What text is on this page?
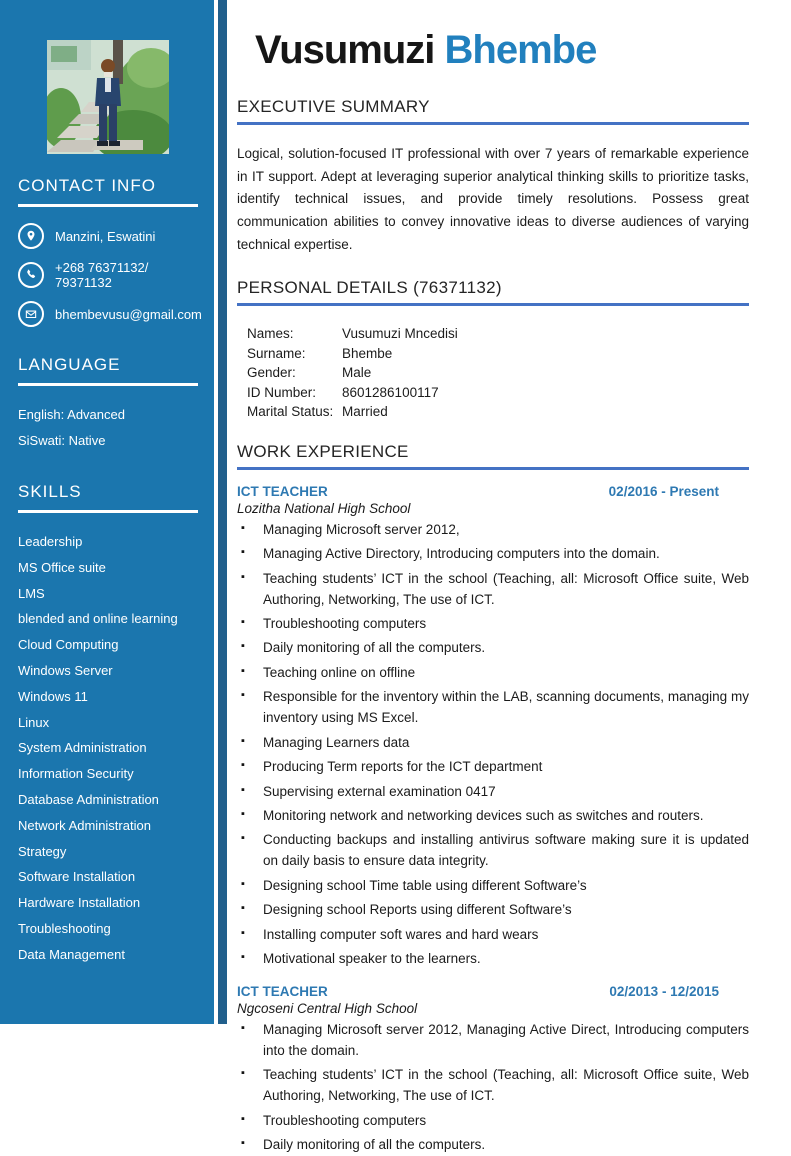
CONTACT INFO
Manzini, Eswatini
+268 76371132/ 79371132
bhembevusu@gmail.com
LANGUAGE
English: Advanced
SiSwati: Native
SKILLS
Leadership
MS Office suite
LMS
blended and online learning
Cloud Computing
Windows Server
Windows 11
Linux
System Administration
Information Security
Database Administration
Network Administration
Strategy
Software Installation
Hardware Installation
Troubleshooting
Data Management
Vusumuzi Bhembe
EXECUTIVE SUMMARY

Logical, solution-focused IT professional with over 7 years of remarkable experience in IT support. Adept at leveraging superior analytical thinking skills to prioritize tasks, identify technical issues, and provide timely resolutions. Possess great communication abilities to convey innovative ideas to diverse audiences of varying technical expertise.

PERSONAL DETAILS (76371132)
Names:	Vusumuzi Mncedisi
Surname:	Bhembe
Gender:	Male
ID Number:	8601286100117
Marital Status: Married
WORK EXPERIENCE
ICT TEACHER	02/2016 - Present
Lozitha National High School
▪ Managing Microsoft server 2012,
▪ Managing Active Directory, Introducing computers into the domain.
▪ Teaching students’ ICT in the school (Teaching, all: Microsoft Office suite, Web Authoring, Networking, The use of ICT.
▪ Troubleshooting computers
▪ Daily monitoring of all the computers.
▪ Teaching online on offline
▪ Responsible for the inventory within the LAB, scanning documents, managing my inventory using MS Excel.
▪ Managing Learners data
▪ Producing Term reports for the ICT department
▪ Supervising external examination 0417
▪ Monitoring network and networking devices such as switches and routers.
▪ Conducting backups and installing antivirus software making sure it is updated on daily basis to ensure data integrity.
▪ Designing school Time table using different Software’s
▪ Designing school Reports using different Software’s
▪ Installing computer soft wares and hard wears
▪ Motivational speaker to the learners.
ICT TEACHER	02/2013 - 12/2015
Ngcoseni Central High School
▪ Managing Microsoft server 2012, Managing Active Direct, Introducing computers into the domain.
▪ Teaching students’ ICT in the school (Teaching, all: Microsoft Office suite, Web Authoring, Networking, The use of ICT.
▪ Troubleshooting computers
▪ Daily monitoring of all the computers.
